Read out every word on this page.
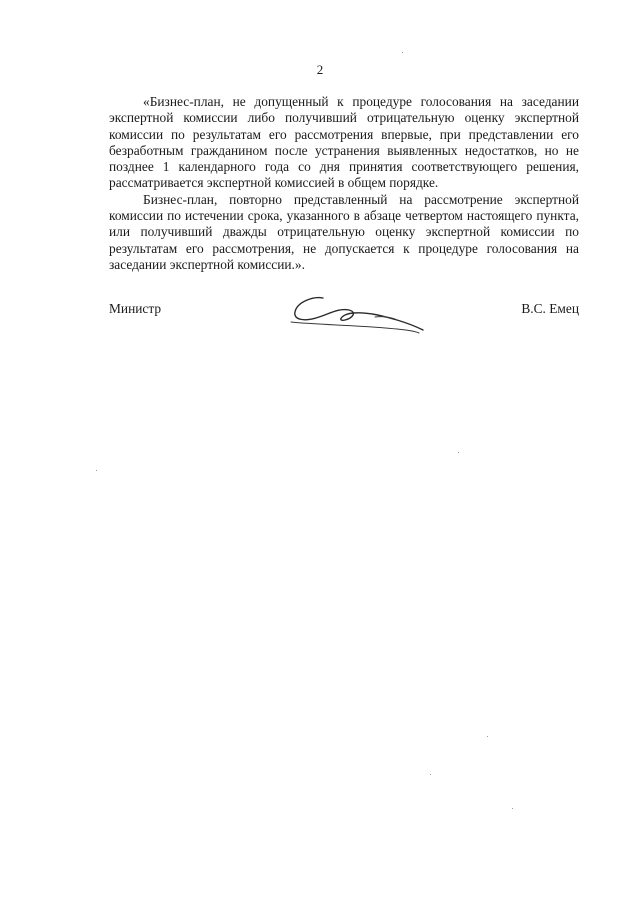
2

«Бизнес-план, не допущенный к процедуре голосования на заседании экспертной комиссии либо получивший отрицательную оценку экспертной комиссии по результатам его рассмотрения впервые, при представлении его безработным гражданином после устранения выявленных недостатков, но не позднее 1 календарного года со дня принятия соответствующего решения, рассматривается экспертной комиссией в общем порядке.

Бизнес-план, повторно представленный на рассмотрение экспертной комиссии по истечении срока, указанного в абзаце четвертом настоящего пункта, или получивший дважды отрицательную оценку экспертной комиссии по результатам его рассмотрения, не допускается к процедуре голосования на заседании экспертной комиссии.».

Министр	В.С. Емец
